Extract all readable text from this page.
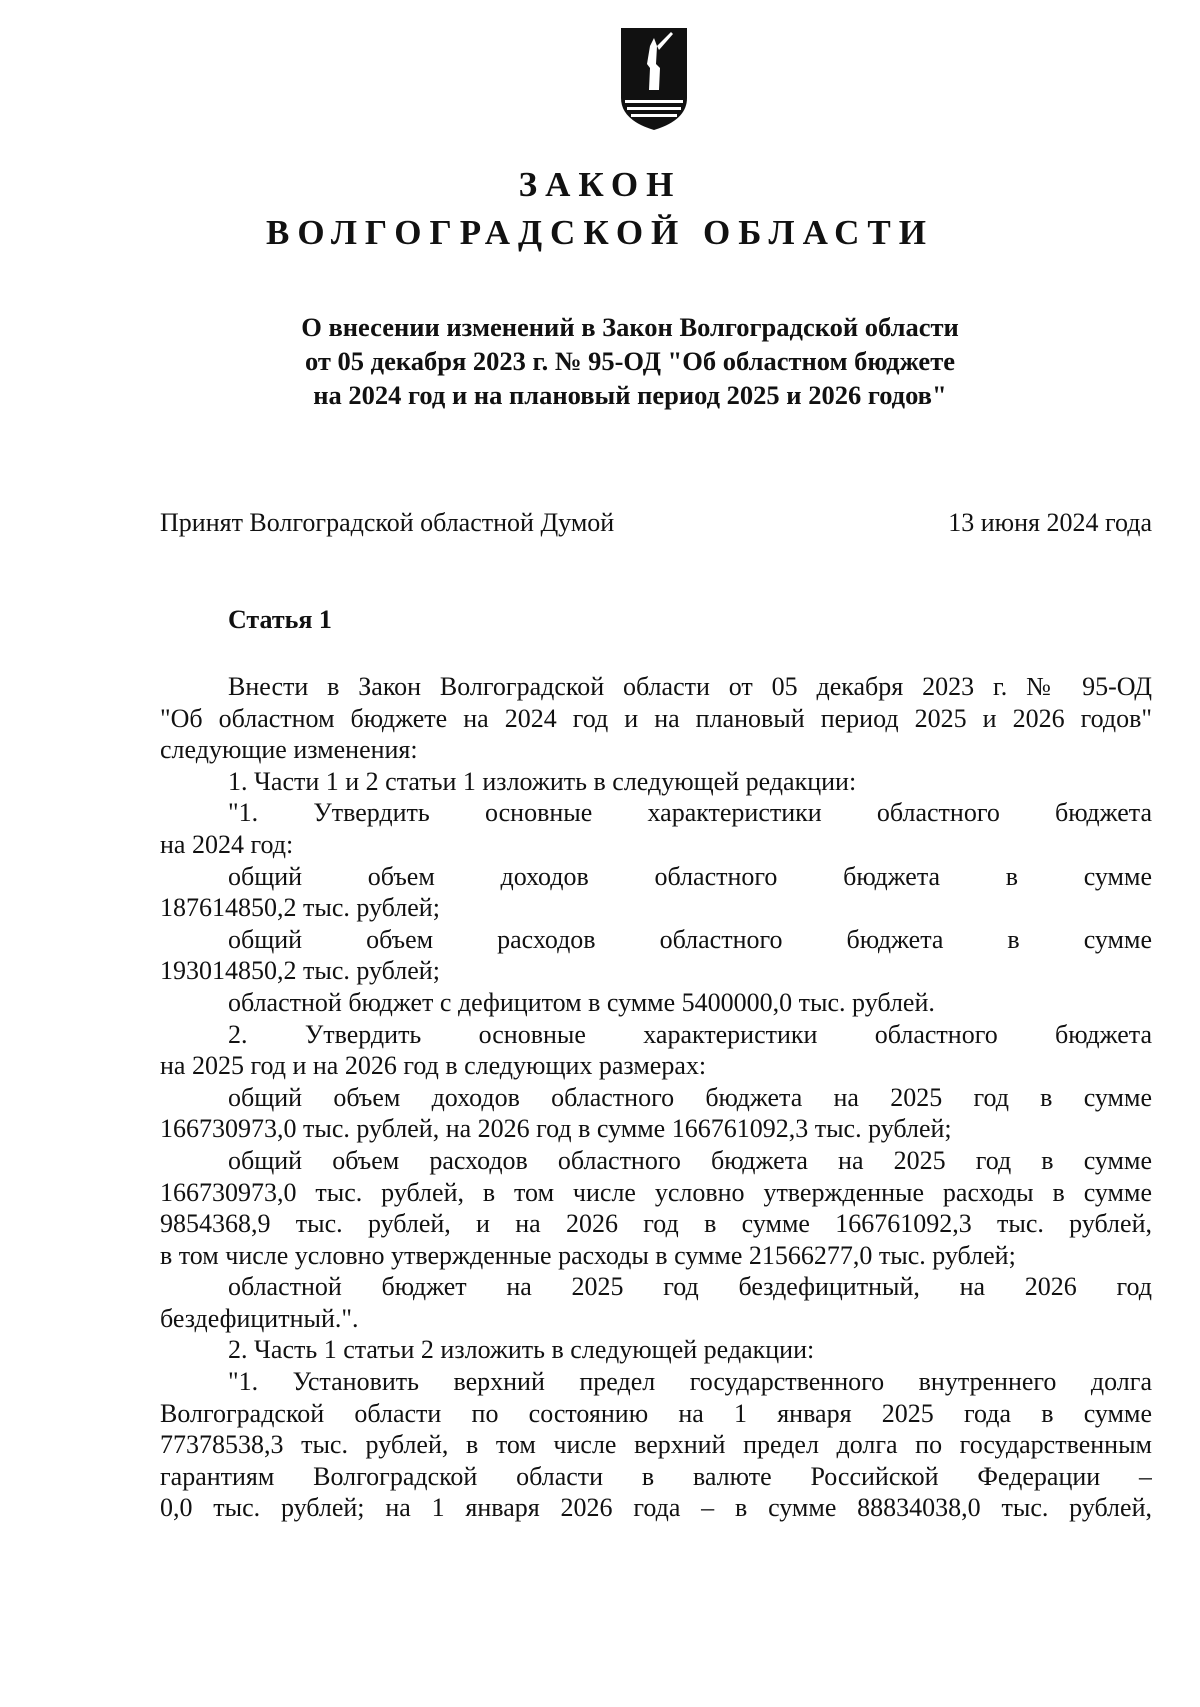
ЗАКОН
ВОЛГОГРАДСКОЙ ОБЛАСТИ
О внесении изменений в Закон Волгоградской области
от 05 декабря 2023 г. № 95-ОД "Об областном бюджете
на 2024 год и на плановый период 2025 и 2026 годов"
Принят Волгоградской областной Думой	13 июня 2024 года
Статья 1
Внести в Закон Волгоградской области от 05 декабря 2023 г. № 95-ОД
"Об областном бюджете на 2024 год и на плановый период 2025 и 2026 годов"
следующие изменения:
1. Части 1 и 2 статьи 1 изложить в следующей редакции:
"1. Утвердить основные характеристики областного бюджета
на 2024 год:
общий объем доходов областного бюджета в сумме
187614850,2 тыс. рублей;
общий объем расходов областного бюджета в сумме
193014850,2 тыс. рублей;
областной бюджет с дефицитом в сумме 5400000,0 тыс. рублей.
2. Утвердить основные характеристики областного бюджета
на 2025 год и на 2026 год в следующих размерах:
общий объем доходов областного бюджета на 2025 год в сумме
166730973,0 тыс. рублей, на 2026 год в сумме 166761092,3 тыс. рублей;
общий объем расходов областного бюджета на 2025 год в сумме
166730973,0 тыс. рублей, в том числе условно утвержденные расходы в сумме
9854368,9 тыс. рублей, и на 2026 год в сумме 166761092,3 тыс. рублей,
в том числе условно утвержденные расходы в сумме 21566277,0 тыс. рублей;
областной бюджет на 2025 год бездефицитный, на 2026 год
бездефицитный.".
2. Часть 1 статьи 2 изложить в следующей редакции:
"1. Установить верхний предел государственного внутреннего долга
Волгоградской области по состоянию на 1 января 2025 года в сумме
77378538,3 тыс. рублей, в том числе верхний предел долга по государственным
гарантиям Волгоградской области в валюте Российской Федерации –
0,0 тыс. рублей; на 1 января 2026 года – в сумме 88834038,0 тыс. рублей,
